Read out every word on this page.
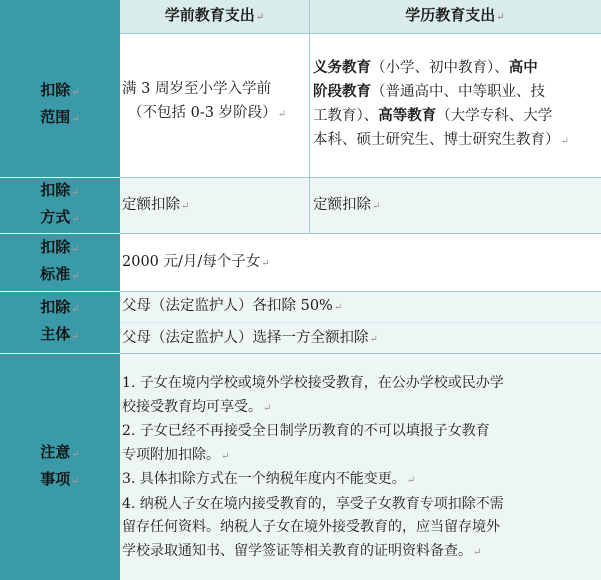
学前教育支出↵	学历教育支出↵
扣除↵
范围↵
满 3 周岁至小学入学前
（不包括 0-3 岁阶段）↵
义务教育（小学、初中教育）、高中
阶段教育（普通高中、中等职业、技
工教育）、高等教育（大学专科、大学
本科、硕士研究生、博士研究生教育）↵
扣除↵
方式↵
定额扣除↵	定额扣除↵
扣除↵
标准↵
2000 元/月/每个子女↵
扣除↵
主体↵
父母（法定监护人）各扣除 50%↵
父母（法定监护人）选择一方全额扣除↵
注意↵
事项↵
1. 子女在境内学校或境外学校接受教育，在公办学校或民办学
校接受教育均可享受。↵
2. 子女已经不再接受全日制学历教育的不可以填报子女教育
专项附加扣除。↵
3. 具体扣除方式在一个纳税年度内不能变更。↵
4. 纳税人子女在境内接受教育的，享受子女教育专项扣除不需
留存任何资料。纳税人子女在境外接受教育的，应当留存境外
学校录取通知书、留学签证等相关教育的证明资料备查。↵
